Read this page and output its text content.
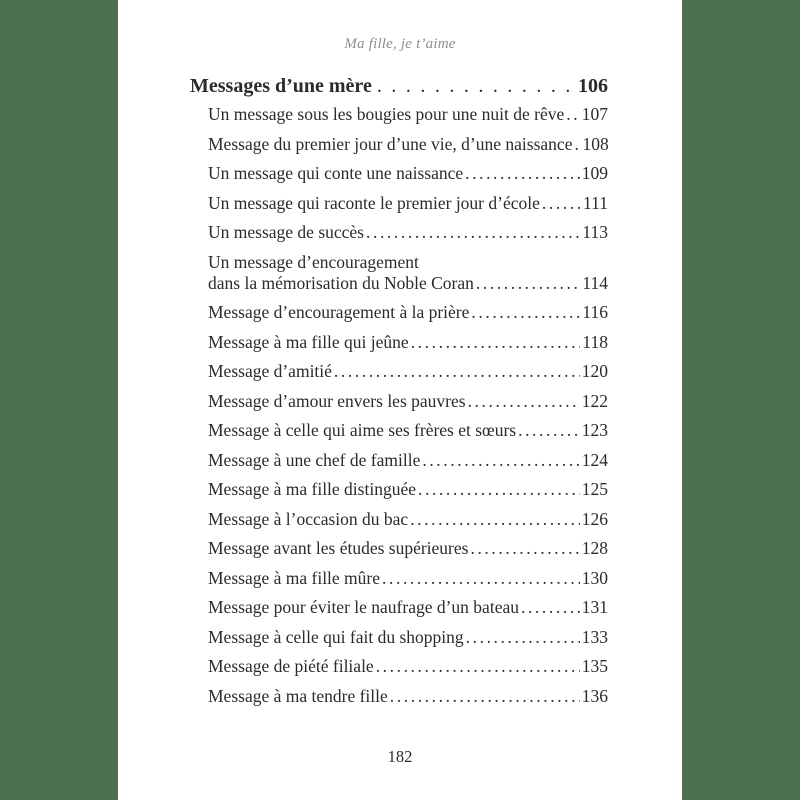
Ma fille, je t’aime
Messages d’une mère .....	106
Un message sous les bougies pour une nuit de rêve ..... 107
Message du premier jour d’une vie, d’une naissance ..... 108
Un message qui conte une naissance .....	109
Un message qui raconte le premier jour d’école ..... 111
Un message de succès .....	113
Un message d’encouragement
dans la mémorisation du Noble Coran .....	114
Message d’encouragement à la prière .....	116
Message à ma fille qui jeûne .....	118
Message d’amitié .....	120
Message d’amour envers les pauvres .....	122
Message à celle qui aime ses frères et sœurs .....	123
Message à une chef de famille .....	124
Message à ma fille distinguée .....	125
Message à l’occasion du bac .....	126
Message avant les études supérieures .....	128
Message à ma fille mûre .....	130
Message pour éviter le naufrage d’un bateau .....	131
Message à celle qui fait du shopping .....	133
Message de piété filiale .....	135
Message à ma tendre fille .....	136
182
